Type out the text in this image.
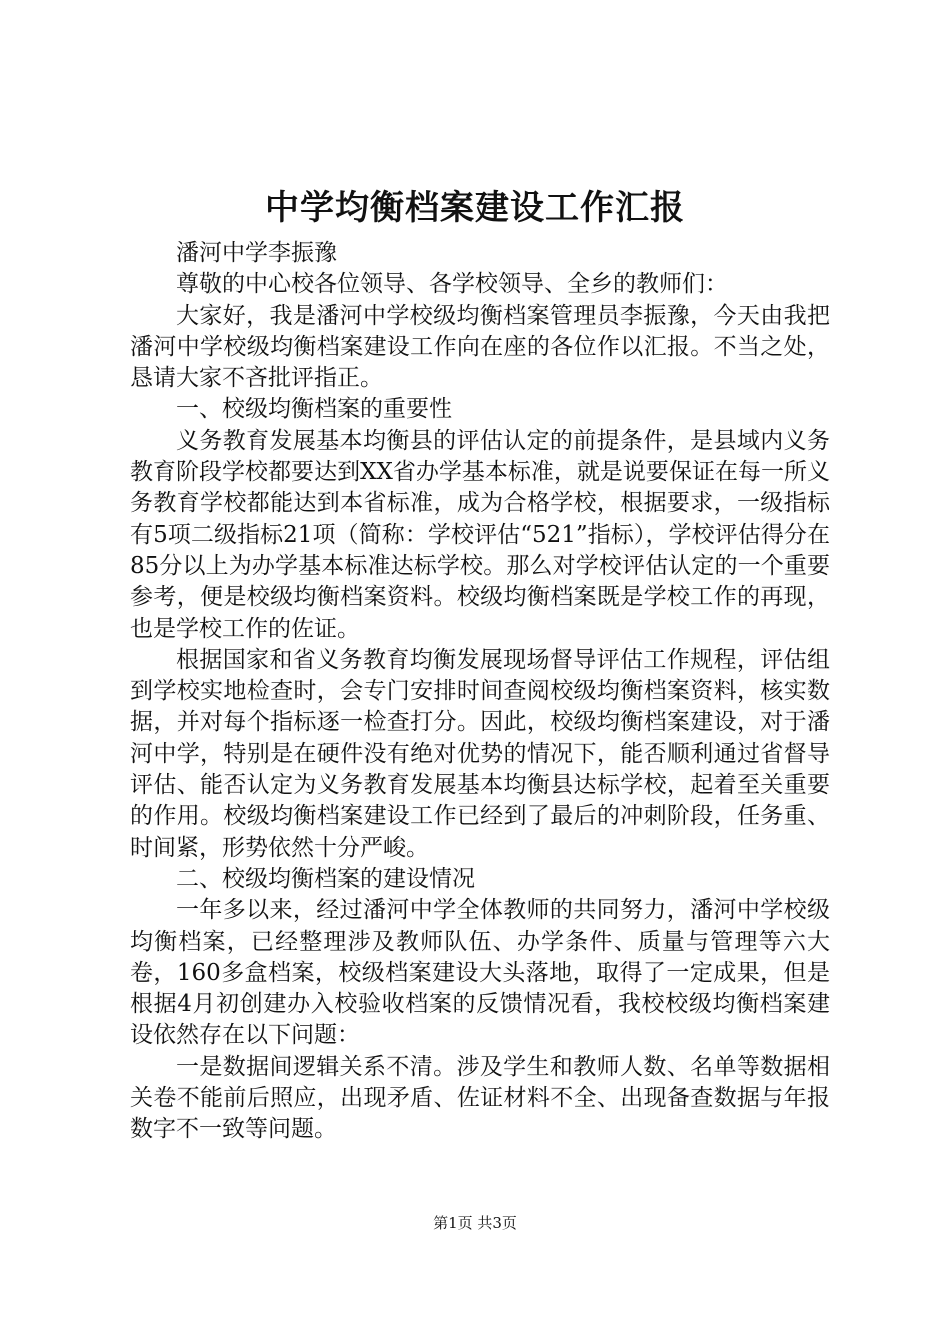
中学均衡档案建设工作汇报

潘河中学李振豫

尊敬的中心校各位领导、各学校领导、全乡的教师们：

大家好，我是潘河中学校级均衡档案管理员李振豫，今天由我把潘河中学校级均衡档案建设工作向在座的各位作以汇报。不当之处，恳请大家不吝批评指正。

一、校级均衡档案的重要性

义务教育发展基本均衡县的评估认定的前提条件，是县域内义务教育阶段学校都要达到XX省办学基本标准，就是说要保证在每一所义务教育学校都能达到本省标准，成为合格学校，根据要求，一级指标有5项二级指标21项（简称：学校评估“521”指标），学校评估得分在85分以上为办学基本标准达标学校。那么对学校评估认定的一个重要参考，便是校级均衡档案资料。校级均衡档案既是学校工作的再现，也是学校工作的佐证。

根据国家和省义务教育均衡发展现场督导评估工作规程，评估组到学校实地检查时，会专门安排时间查阅校级均衡档案资料，核实数据，并对每个指标逐一检查打分。因此，校级均衡档案建设，对于潘河中学，特别是在硬件没有绝对优势的情况下，能否顺利通过省督导评估、能否认定为义务教育发展基本均衡县达标学校，起着至关重要的作用。校级均衡档案建设工作已经到了最后的冲刺阶段，任务重、时间紧，形势依然十分严峻。

二、校级均衡档案的建设情况

一年多以来，经过潘河中学全体教师的共同努力，潘河中学校级均衡档案，已经整理涉及教师队伍、办学条件、质量与管理等六大卷，160多盒档案，校级档案建设大头落地，取得了一定成果，但是根据4月初创建办入校验收档案的反馈情况看，我校校级均衡档案建设依然存在以下问题：

一是数据间逻辑关系不清。涉及学生和教师人数、名单等数据相关卷不能前后照应，出现矛盾、佐证材料不全、出现备查数据与年报数字不一致等问题。

第1页 共3页
